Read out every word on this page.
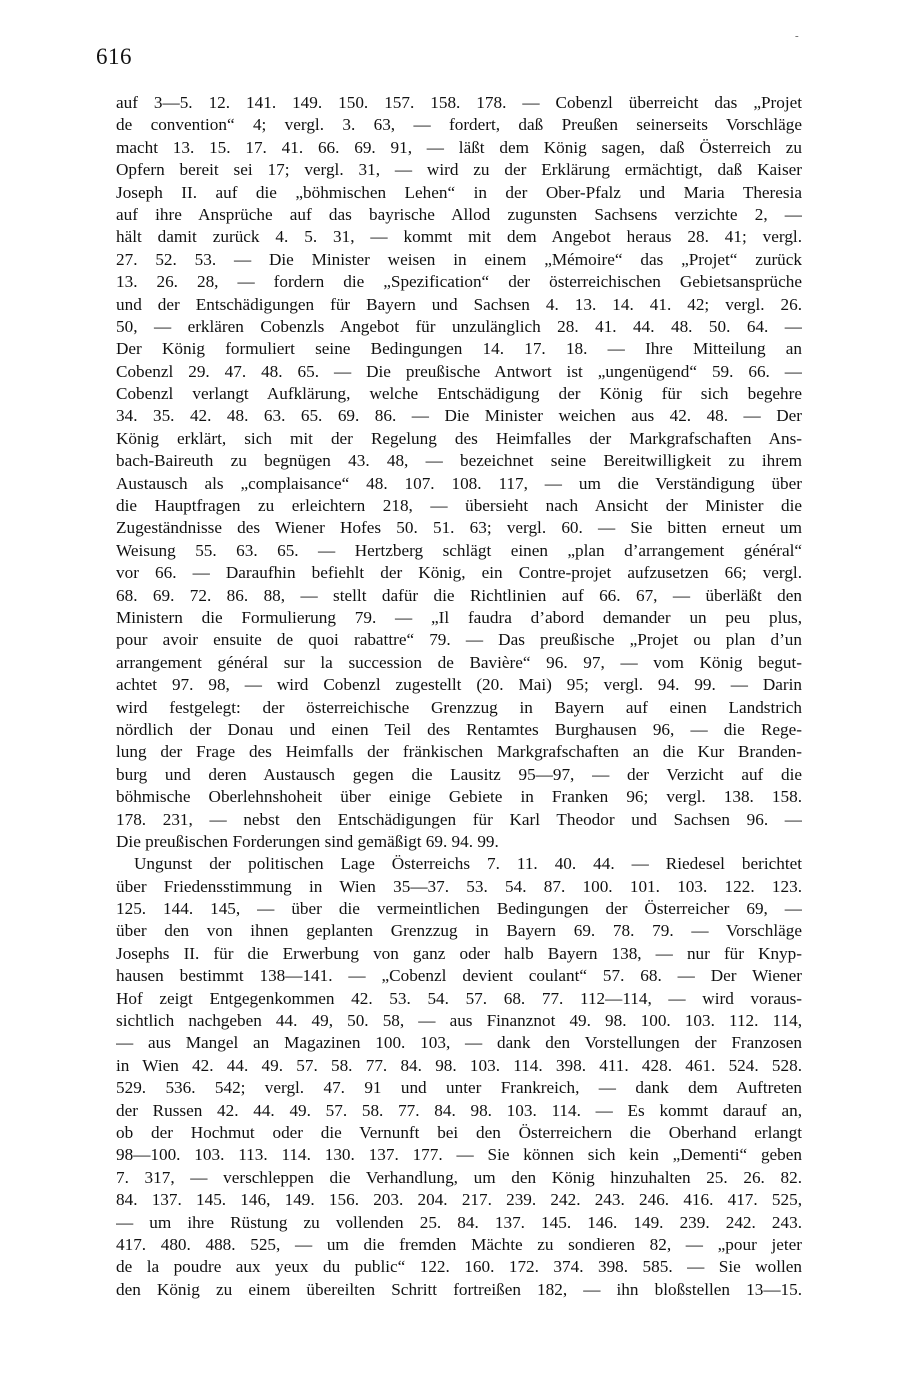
616
-
auf 3—5. 12. 141. 149. 150. 157. 158. 178. — Cobenzl überreicht das „Projet
de convention“ 4; vergl. 3. 63, — fordert, daß Preußen seinerseits Vorschläge
macht 13. 15. 17. 41. 66. 69. 91, — läßt dem König sagen, daß Österreich zu
Opfern bereit sei 17; vergl. 31, — wird zu der Erklärung ermächtigt, daß Kaiser
Joseph II. auf die „böhmischen Lehen“ in der Ober-Pfalz und Maria Theresia
auf ihre Ansprüche auf das bayrische Allod zugunsten Sachsens verzichte 2, —
hält damit zurück 4. 5. 31, — kommt mit dem Angebot heraus 28. 41; vergl.
27. 52. 53. — Die Minister weisen in einem „Mémoire“ das „Projet“ zurück
13. 26. 28, — fordern die „Spezification“ der österreichischen Gebietsansprüche
und der Entschädigungen für Bayern und Sachsen 4. 13. 14. 41. 42; vergl. 26.
50, — erklären Cobenzls Angebot für unzulänglich 28. 41. 44. 48. 50. 64. —
Der König formuliert seine Bedingungen 14. 17. 18. — Ihre Mitteilung an
Cobenzl 29. 47. 48. 65. — Die preußische Antwort ist „ungenügend“ 59. 66. —
Cobenzl verlangt Aufklärung, welche Entschädigung der König für sich begehre
34. 35. 42. 48. 63. 65. 69. 86. — Die Minister weichen aus 42. 48. — Der
König erklärt, sich mit der Regelung des Heimfalles der Markgrafschaften Ans-
bach-Baireuth zu begnügen 43. 48, — bezeichnet seine Bereitwilligkeit zu ihrem
Austausch als „complaisance“ 48. 107. 108. 117, — um die Verständigung über
die Hauptfragen zu erleichtern 218, — übersieht nach Ansicht der Minister die
Zugeständnisse des Wiener Hofes 50. 51. 63; vergl. 60. — Sie bitten erneut um
Weisung 55. 63. 65. — Hertzberg schlägt einen „plan d’arrangement général“
vor 66. — Daraufhin befiehlt der König, ein Contre-projet aufzusetzen 66; vergl.
68. 69. 72. 86. 88, — stellt dafür die Richtlinien auf 66. 67, — überläßt den
Ministern die Formulierung 79. — „Il faudra d’abord demander un peu plus,
pour avoir ensuite de quoi rabattre“ 79. — Das preußische „Projet ou plan d’un
arrangement général sur la succession de Bavière“ 96. 97, — vom König begut-
achtet 97. 98, — wird Cobenzl zugestellt (20. Mai) 95; vergl. 94. 99. — Darin
wird festgelegt: der österreichische Grenzzug in Bayern auf einen Landstrich
nördlich der Donau und einen Teil des Rentamtes Burghausen 96, — die Rege-
lung der Frage des Heimfalls der fränkischen Markgrafschaften an die Kur Branden-
burg und deren Austausch gegen die Lausitz 95—97, — der Verzicht auf die
böhmische Oberlehnshoheit über einige Gebiete in Franken 96; vergl. 138. 158.
178. 231, — nebst den Entschädigungen für Karl Theodor und Sachsen 96. —
Die preußischen Forderungen sind gemäßigt 69. 94. 99.
Ungunst der politischen Lage Österreichs 7. 11. 40. 44. — Riedesel berichtet
über Friedensstimmung in Wien 35—37. 53. 54. 87. 100. 101. 103. 122. 123.
125. 144. 145, — über die vermeintlichen Bedingungen der Österreicher 69, —
über den von ihnen geplanten Grenzzug in Bayern 69. 78. 79. — Vorschläge
Josephs II. für die Erwerbung von ganz oder halb Bayern 138, — nur für Knyp-
hausen bestimmt 138—141. — „Cobenzl devient coulant“ 57. 68. — Der Wiener
Hof zeigt Entgegenkommen 42. 53. 54. 57. 68. 77. 112—114, — wird voraus-
sichtlich nachgeben 44. 49, 50. 58, — aus Finanznot 49. 98. 100. 103. 112. 114,
— aus Mangel an Magazinen 100. 103, — dank den Vorstellungen der Franzosen
in Wien 42. 44. 49. 57. 58. 77. 84. 98. 103. 114. 398. 411. 428. 461. 524. 528.
529. 536. 542; vergl. 47. 91 und unter Frankreich, — dank dem Auftreten
der Russen 42. 44. 49. 57. 58. 77. 84. 98. 103. 114. — Es kommt darauf an,
ob der Hochmut oder die Vernunft bei den Österreichern die Oberhand erlangt
98—100. 103. 113. 114. 130. 137. 177. — Sie können sich kein „Dementi“ geben
7. 317, — verschleppen die Verhandlung, um den König hinzuhalten 25. 26. 82.
84. 137. 145. 146, 149. 156. 203. 204. 217. 239. 242. 243. 246. 416. 417. 525,
— um ihre Rüstung zu vollenden 25. 84. 137. 145. 146. 149. 239. 242. 243.
417. 480. 488. 525, — um die fremden Mächte zu sondieren 82, — „pour jeter
de la poudre aux yeux du public“ 122. 160. 172. 374. 398. 585. — Sie wollen
den König zu einem übereilten Schritt fortreißen 182, — ihn bloßstellen 13—15.
